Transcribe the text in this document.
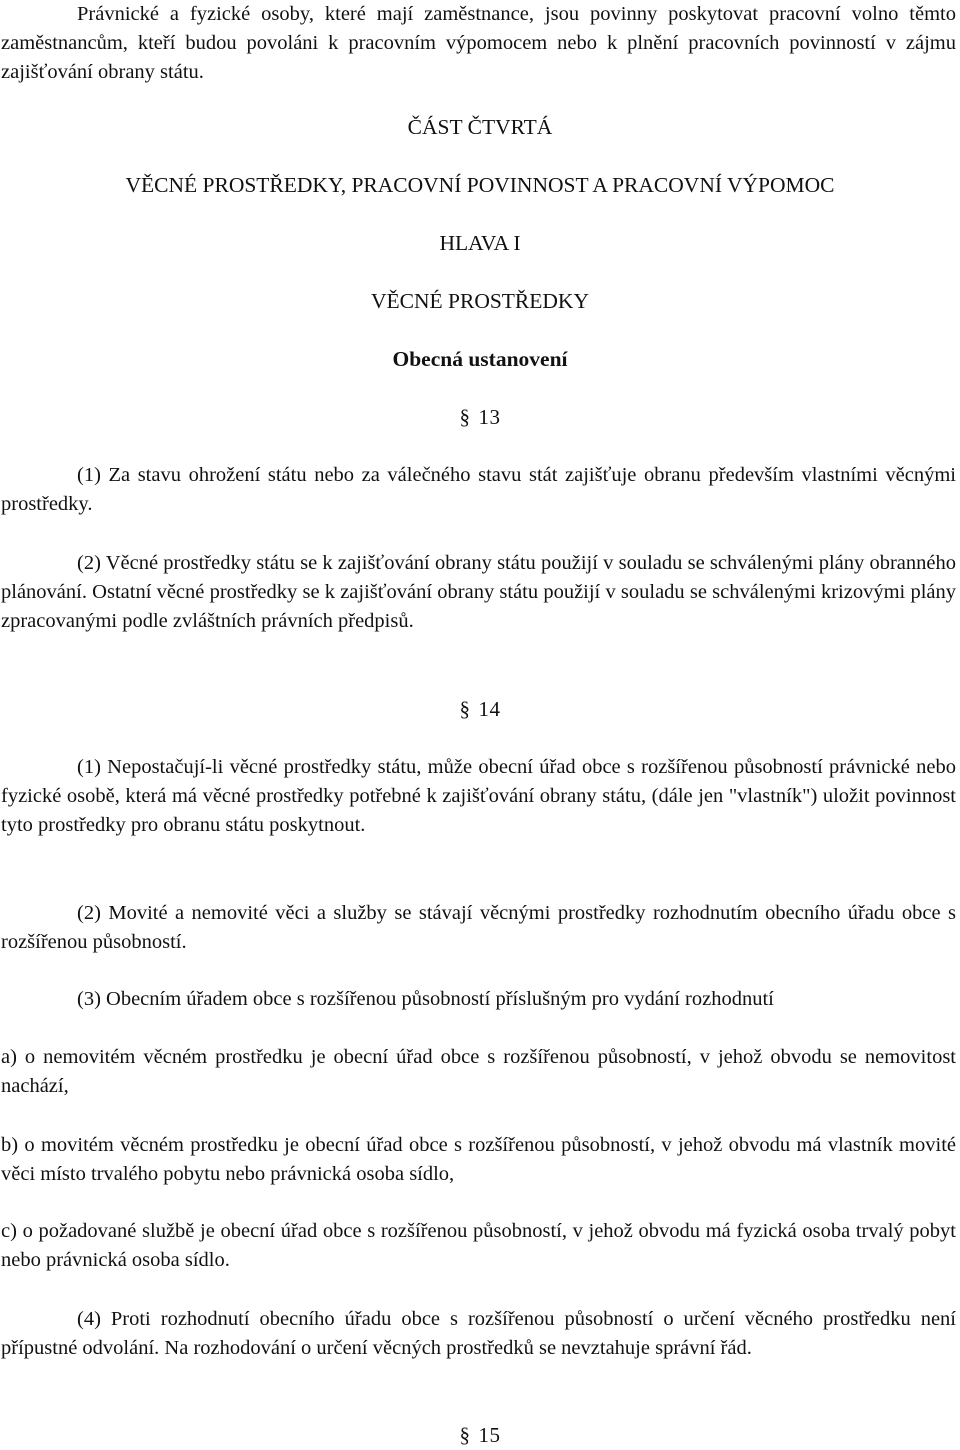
Právnické a fyzické osoby, které mají zaměstnance, jsou povinny poskytovat pracovní volno těmto zaměstnancům, kteří budou povoláni k pracovním výpomocem nebo k plnění pracovních povinností v zájmu zajišťování obrany státu.

ČÁST ČTVRTÁ
VĚCNÉ PROSTŘEDKY, PRACOVNÍ POVINNOST A PRACOVNÍ VÝPOMOC
HLAVA I
VĚCNÉ PROSTŘEDKY
Obecná ustanovení
§ 13

(1) Za stavu ohrožení státu nebo za válečného stavu stát zajišťuje obranu především vlastními věcnými prostředky.

(2) Věcné prostředky státu se k zajišťování obrany státu použijí v souladu se schválenými plány obranného plánování. Ostatní věcné prostředky se k zajišťování obrany státu použijí v souladu se schválenými krizovými plány zpracovanými podle zvláštních právních předpisů.

§ 14

(1) Nepostačují-li věcné prostředky státu, může obecní úřad obce s rozšířenou působností právnické nebo fyzické osobě, která má věcné prostředky potřebné k zajišťování obrany státu, (dále jen "vlastník") uložit povinnost tyto prostředky pro obranu státu poskytnout.

(2) Movité a nemovité věci a služby se stávají věcnými prostředky rozhodnutím obecního úřadu obce s rozšířenou působností.

(3) Obecním úřadem obce s rozšířenou působností příslušným pro vydání rozhodnutí

a) o nemovitém věcném prostředku je obecní úřad obce s rozšířenou působností, v jehož obvodu se nemovitost nachází,

b) o movitém věcném prostředku je obecní úřad obce s rozšířenou působností, v jehož obvodu má vlastník movité věci místo trvalého pobytu nebo právnická osoba sídlo,

c) o požadované službě je obecní úřad obce s rozšířenou působností, v jehož obvodu má fyzická osoba trvalý pobyt nebo právnická osoba sídlo.

(4) Proti rozhodnutí obecního úřadu obce s rozšířenou působností o určení věcného prostředku není přípustné odvolání. Na rozhodování o určení věcných prostředků se nevztahuje správní řád.

§ 15
